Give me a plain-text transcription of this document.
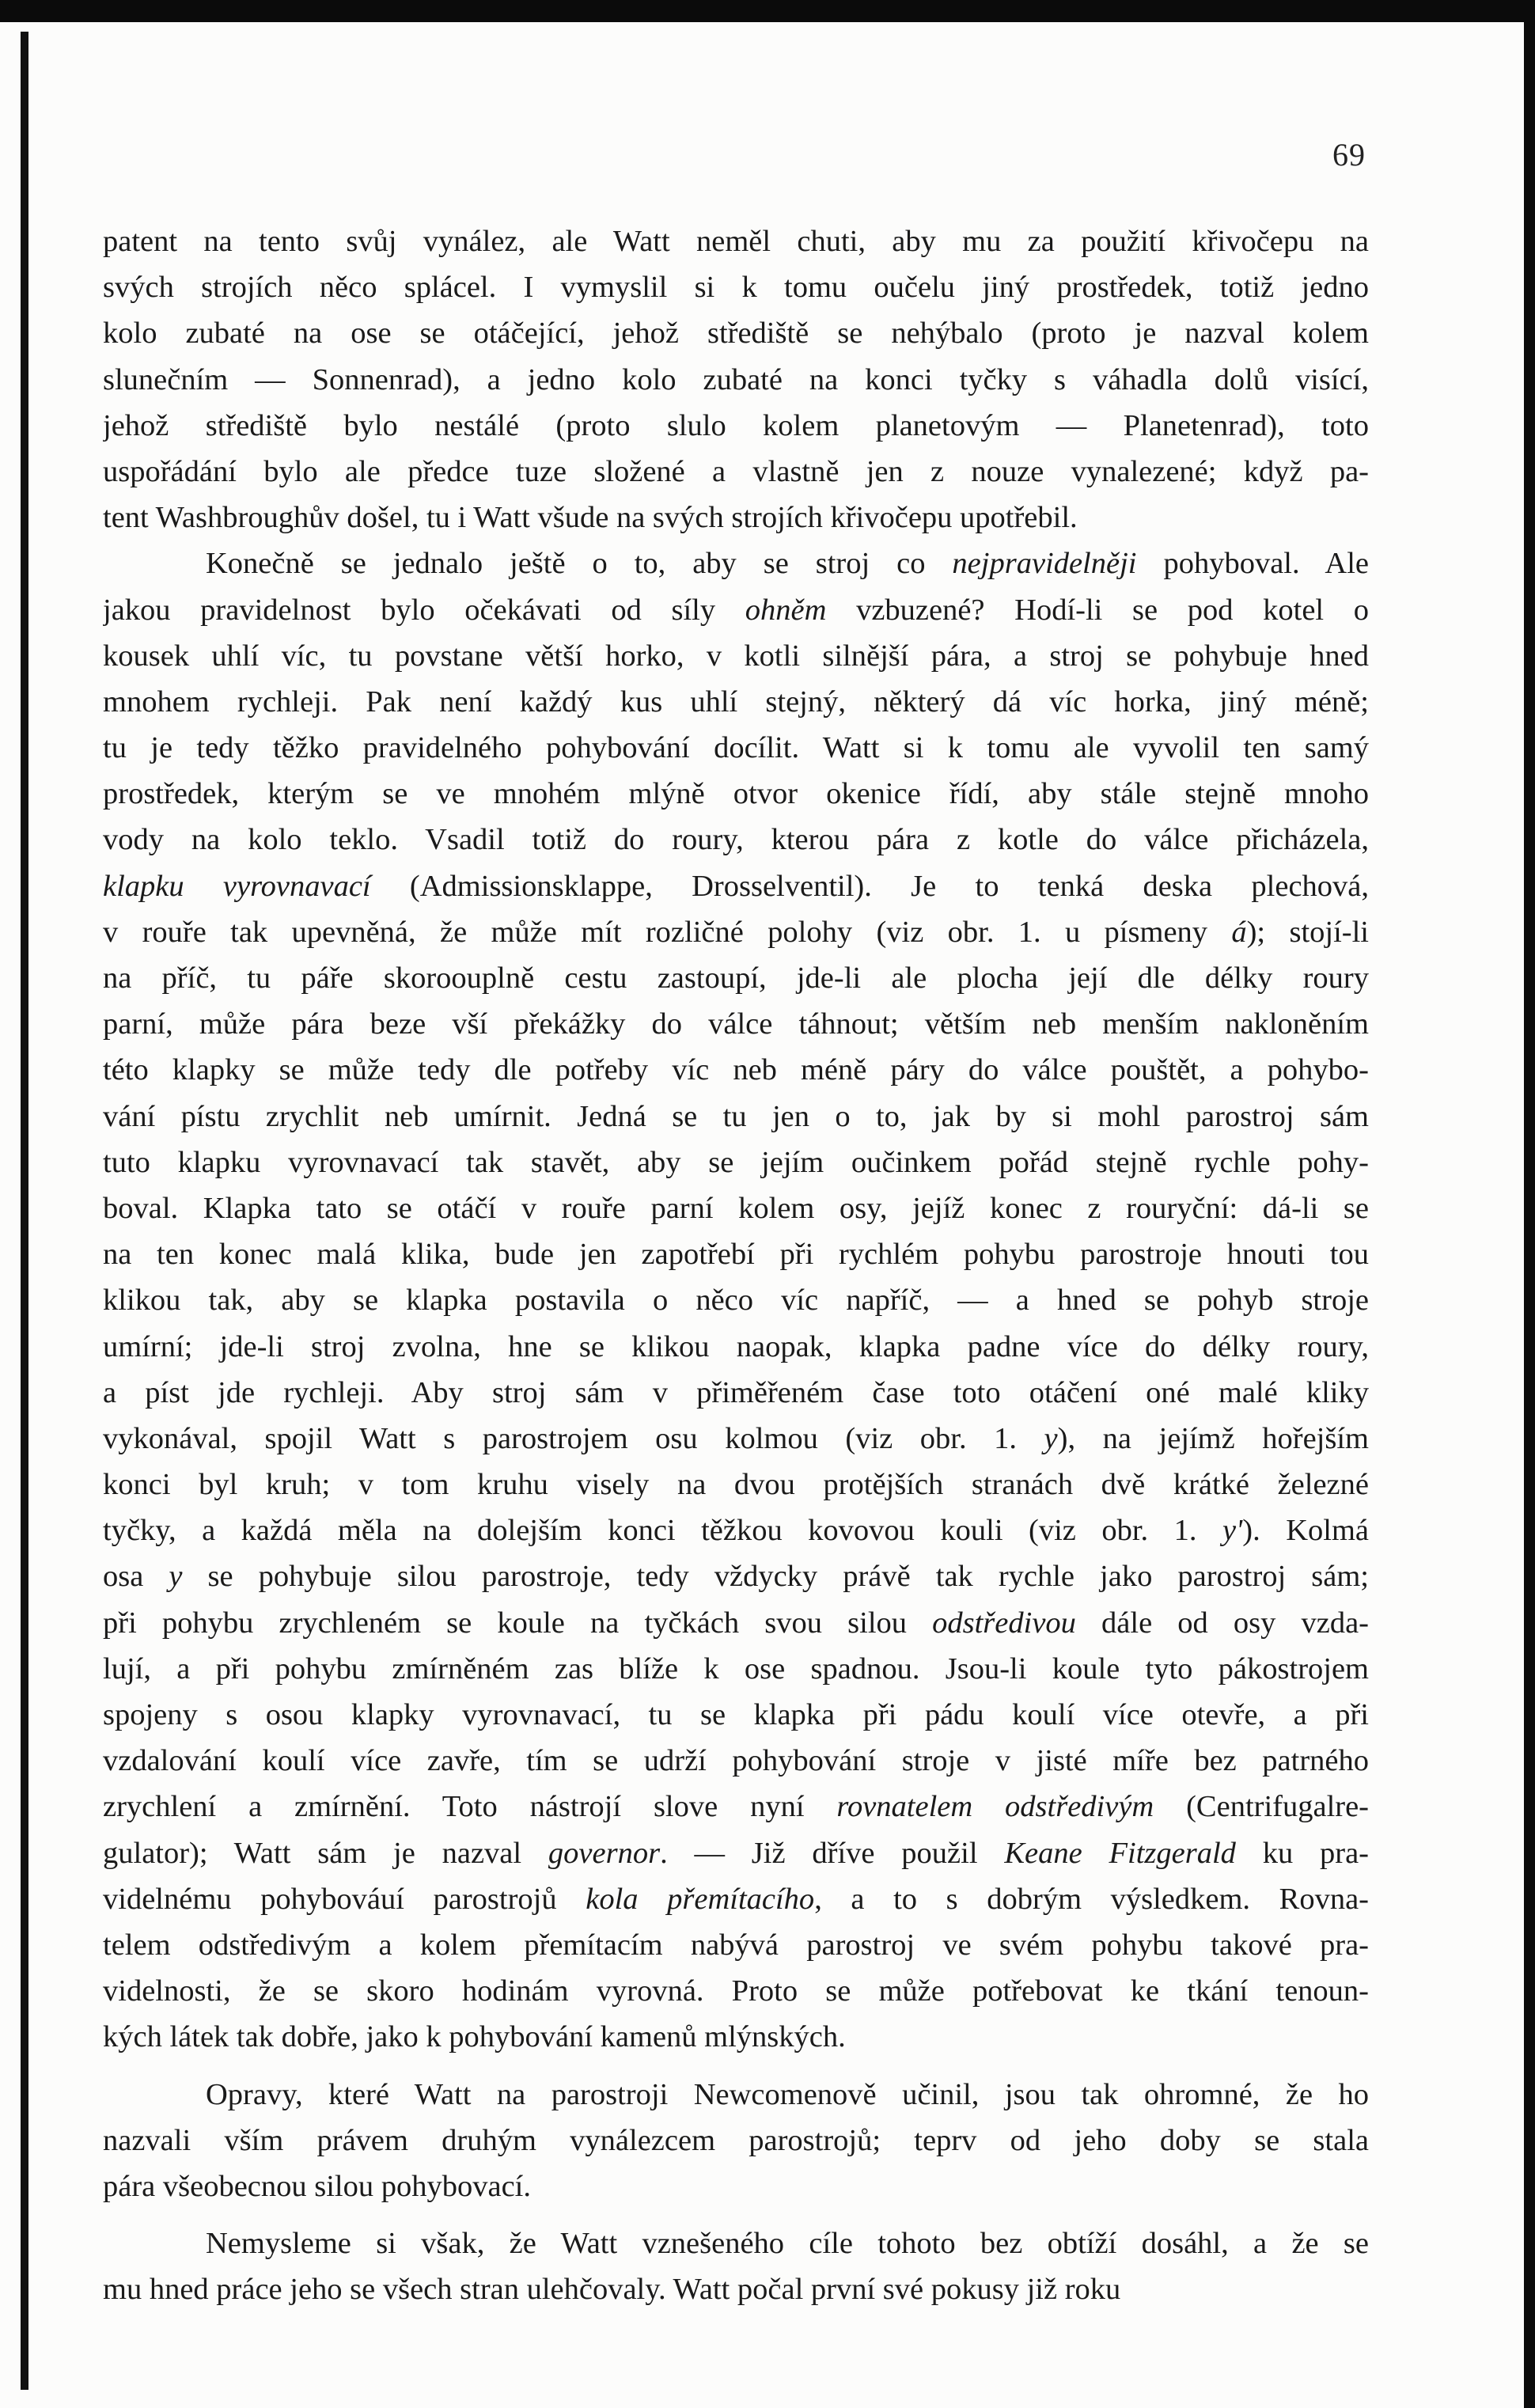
69
patent na tento svůj vynález, ale Watt neměl chuti, aby mu za použití křivočepu na
svých strojích něco splácel. I vymyslil si k tomu oučelu jiný prostředek, totiž jedno
kolo zubaté na ose se otáčející, jehož střediště se nehýbalo (proto je nazval kolem
slunečním — Sonnenrad), a jedno kolo zubaté na konci tyčky s váhadla dolů visící,
jehož střediště bylo nestálé (proto slulo kolem planetovým — Planetenrad), toto
uspořádání bylo ale předce tuze složené a vlastně jen z nouze vynalezené; když pa-
tent Washbroughův došel, tu i Watt všude na svých strojích křivočepu upotřebil.
Konečně se jednalo ještě o to, aby se stroj co nejpravidelněji pohyboval. Ale
jakou pravidelnost bylo očekávati od síly ohněm vzbuzené? Hodí-li se pod kotel o
kousek uhlí víc, tu povstane větší horko, v kotli silnější pára, a stroj se pohybuje hned
mnohem rychleji. Pak není každý kus uhlí stejný, některý dá víc horka, jiný méně;
tu je tedy těžko pravidelného pohybování docílit. Watt si k tomu ale vyvolil ten samý
prostředek, kterým se ve mnohém mlýně otvor okenice řídí, aby stále stejně mnoho
vody na kolo teklo. Vsadil totiž do roury, kterou pára z kotle do válce přicházela,
klapku vyrovnavací (Admissionsklappe, Drosselventil). Je to tenká deska plechová,
v rouře tak upevněná, že může mít rozličné polohy (viz obr. 1. u písmeny á); stojí-li
na příč, tu páře skoroouplně cestu zastoupí, jde-li ale plocha její dle délky roury
parní, může pára beze vší překážky do válce táhnout; větším neb menším nakloněním
této klapky se může tedy dle potřeby víc neb méně páry do válce pouštět, a pohybo-
vání pístu zrychlit neb umírnit. Jedná se tu jen o to, jak by si mohl parostroj sám
tuto klapku vyrovnavací tak stavět, aby se jejím oučinkem pořád stejně rychle pohy-
boval. Klapka tato se otáčí v rouře parní kolem osy, jejíž konec z rouryční: dá-li se
na ten konec malá klika, bude jen zapotřebí při rychlém pohybu parostroje hnouti tou
klikou tak, aby se klapka postavila o něco víc napříč, — a hned se pohyb stroje
umírní; jde-li stroj zvolna, hne se klikou naopak, klapka padne více do délky roury,
a píst jde rychleji. Aby stroj sám v přiměřeném čase toto otáčení oné malé kliky
vykonával, spojil Watt s parostrojem osu kolmou (viz obr. 1. y), na jejímž hořejším
konci byl kruh; v tom kruhu visely na dvou protějších stranách dvě krátké železné
tyčky, a každá měla na dolejším konci těžkou kovovou kouli (viz obr. 1. y'). Kolmá
osa y se pohybuje silou parostroje, tedy vždycky právě tak rychle jako parostroj sám;
při pohybu zrychleném se koule na tyčkách svou silou odstředivou dále od osy vzda-
lují, a při pohybu zmírněném zas blíže k ose spadnou. Jsou-li koule tyto pákostrojem
spojeny s osou klapky vyrovnavací, tu se klapka při pádu koulí více otevře, a při
vzdalování koulí více zavře, tím se udrží pohybování stroje v jisté míře bez patrného
zrychlení a zmírnění. Toto nástrojí slove nyní rovnatelem odstředivým (Centrifugalre-
gulator); Watt sám je nazval governor. — Již dříve použil Keane Fitzgerald ku pra-
videlnému pohybováuí parostrojů kola přemítacího, a to s dobrým výsledkem. Rovna-
telem odstředivým a kolem přemítacím nabývá parostroj ve svém pohybu takové pra-
videlnosti, že se skoro hodinám vyrovná. Proto se může potřebovat ke tkání tenoun-
kých látek tak dobře, jako k pohybování kamenů mlýnských.
Opravy, které Watt na parostroji Newcomenově učinil, jsou tak ohromné, že ho
nazvali vším právem druhým vynálezcem parostrojů; teprv od jeho doby se stala
pára všeobecnou silou pohybovací.
Nemysleme si však, že Watt vznešeného cíle tohoto bez obtíží dosáhl, a že se
mu hned práce jeho se všech stran ulehčovaly. Watt počal první své pokusy již roku
